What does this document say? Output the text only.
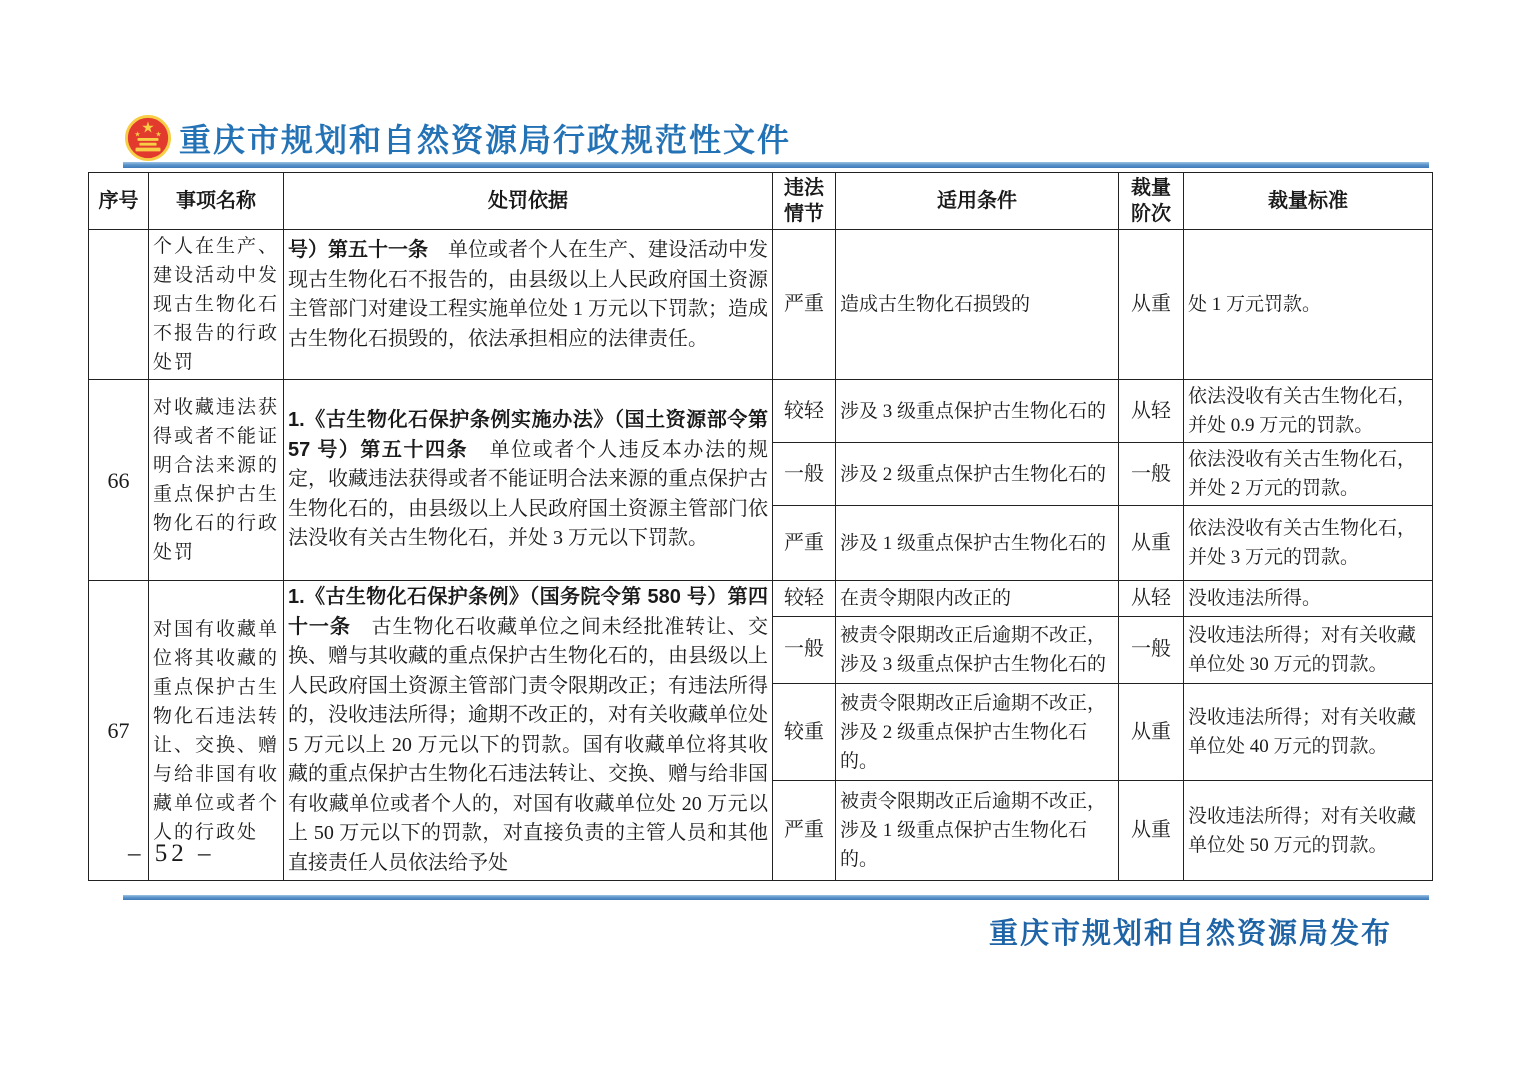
★
★	★ 重庆市规划和自然资源局行政规范性文件
序号	事项名称	处罚依据	违法情节	适用条件	裁量阶次	裁量标准

	个人在生产、建设活动中发现古生物化石不报告的行政处罚	号）第五十一条　单位或者个人在生产、建设活动中发现古生物化石不报告的，由县级以上人民政府国土资源主管部门对建设工程实施单位处 1 万元以下罚款；造成古生物化石损毁的，依法承担相应的法律责任。	严重	造成古生物化石损毁的	从重	处 1 万元罚款。
66	对收藏违法获得或者不能证明合法来源的重点保护古生物化石的行政处罚	1.《古生物化石保护条例实施办法》（国土资源部令第 57 号）第五十四条　单位或者个人违反本办法的规定，收藏违法获得或者不能证明合法来源的重点保护古生物化石的，由县级以上人民政府国土资源主管部门依法没收有关古生物化石，并处 3 万元以下罚款。	较轻	涉及 3 级重点保护古生物化石的	从轻	依法没收有关古生物化石，并处 0.9 万元的罚款。
			一般	涉及 2 级重点保护古生物化石的	一般	依法没收有关古生物化石，并处 2 万元的罚款。
			严重	涉及 1 级重点保护古生物化石的	从重	依法没收有关古生物化石，并处 3 万元的罚款。
67	对国有收藏单位将其收藏的重点保护古生物化石违法转让、交换、赠与给非国有收藏单位或者个人的行政处	1.《古生物化石保护条例》（国务院令第 580 号）第四十一条　古生物化石收藏单位之间未经批准转让、交换、赠与其收藏的重点保护古生物化石的，由县级以上人民政府国土资源主管部门责令限期改正；有违法所得的，没收违法所得；逾期不改正的，对有关收藏单位处 5 万元以上 20 万元以下的罚款。国有收藏单位将其收藏的重点保护古生物化石违法转让、交换、赠与给非国有收藏单位或者个人的，对国有收藏单位处 20 万元以上 50 万元以下的罚款，对直接负责的主管人员和其他直接责任人员依法给予处	较轻	在责令期限内改正的	从轻	没收违法所得。
			一般	被责令限期改正后逾期不改正，涉及 3 级重点保护古生物化石的	一般	没收违法所得；对有关收藏单位处 30 万元的罚款。
			较重	被责令限期改正后逾期不改正，涉及 2 级重点保护古生物化石的。	从重	没收违法所得；对有关收藏单位处 40 万元的罚款。
			严重	被责令限期改正后逾期不改正，涉及 1 级重点保护古生物化石的。	从重	没收违法所得；对有关收藏单位处 50 万元的罚款。
– 52 –
重庆市规划和自然资源局发布
